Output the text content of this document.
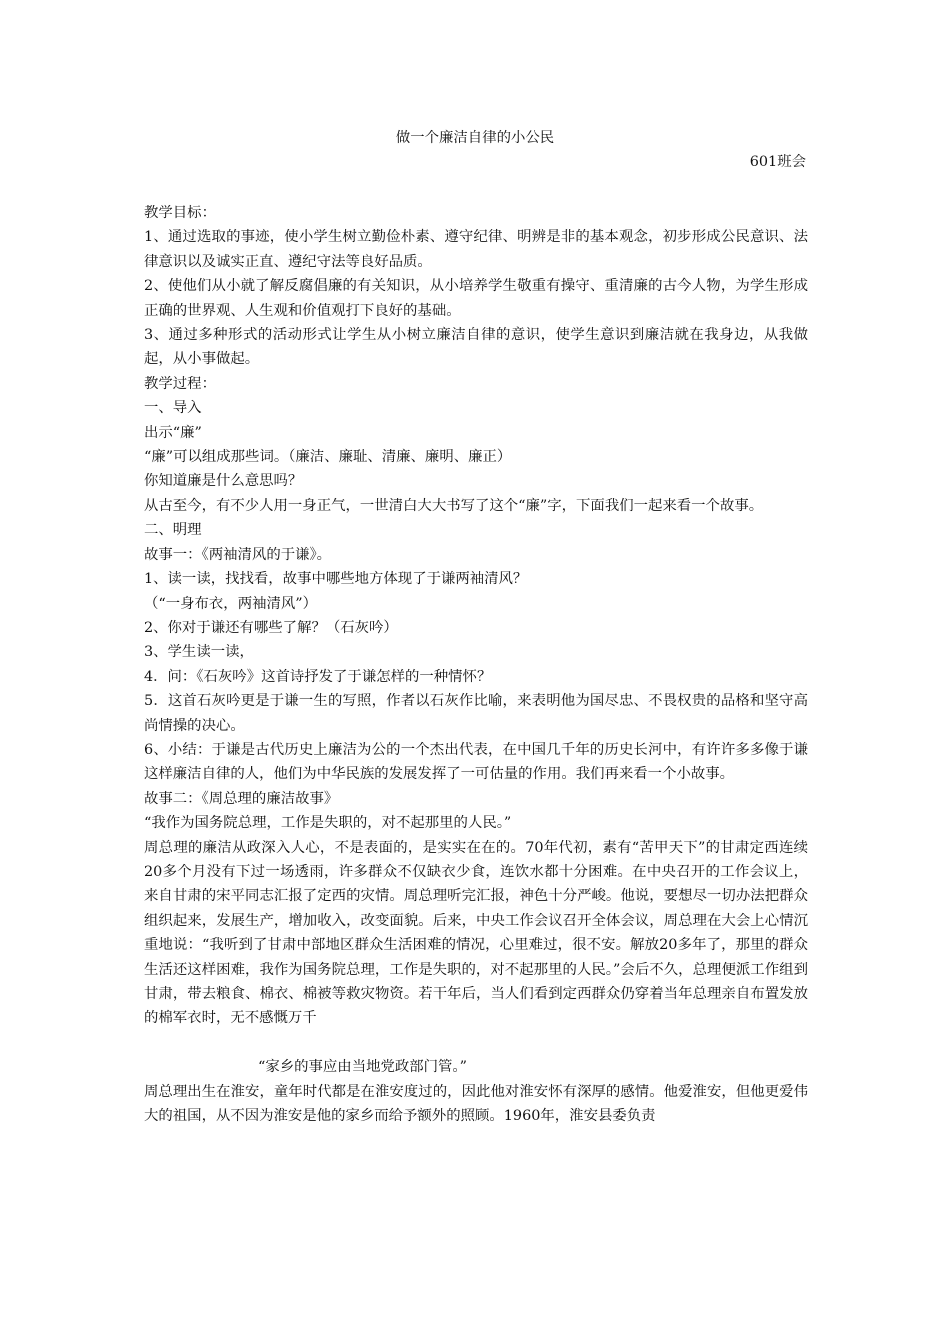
做一个廉洁自律的小公民
601班会

教学目标：

1、通过选取的事迹，使小学生树立勤俭朴素、遵守纪律、明辨是非的基本观念，初步形成公民意识、法律意识以及诚实正直、遵纪守法等良好品质。

2、使他们从小就了解反腐倡廉的有关知识，从小培养学生敬重有操守、重清廉的古今人物，为学生形成正确的世界观、人生观和价值观打下良好的基础。

3、通过多种形式的活动形式让学生从小树立廉洁自律的意识，使学生意识到廉洁就在我身边，从我做起，从小事做起。

教学过程：

一、导入

出示“廉”

“廉”可以组成那些词。（廉洁、廉耻、清廉、廉明、廉正）

你知道廉是什么意思吗？

从古至今，有不少人用一身正气，一世清白大大书写了这个“廉”字，下面我们一起来看一个故事。

二、明理

故事一：《两袖清风的于谦》。

1、读一读，找找看，故事中哪些地方体现了于谦两袖清风？

（“一身布衣，两袖清风”）

2、你对于谦还有哪些了解？（石灰吟）

3、学生读一读，

4．问：《石灰吟》这首诗抒发了于谦怎样的一种情怀？

5．这首石灰吟更是于谦一生的写照，作者以石灰作比喻，来表明他为国尽忠、不畏权贵的品格和坚守高尚情操的决心。

6、小结：于谦是古代历史上廉洁为公的一个杰出代表，在中国几千年的历史长河中，有许许多多像于谦这样廉洁自律的人，他们为中华民族的发展发挥了一可估量的作用。我们再来看一个小故事。

故事二：《周总理的廉洁故事》

“我作为国务院总理，工作是失职的，对不起那里的人民。”

周总理的廉洁从政深入人心，不是表面的，是实实在在的。70年代初，素有“苦甲天下”的甘肃定西连续20多个月没有下过一场透雨，许多群众不仅缺衣少食，连饮水都十分困难。在中央召开的工作会议上，来自甘肃的宋平同志汇报了定西的灾情。周总理听完汇报，神色十分严峻。他说，要想尽一切办法把群众组织起来，发展生产，增加收入，改变面貌。后来，中央工作会议召开全体会议，周总理在大会上心情沉重地说：“我听到了甘肃中部地区群众生活困难的情况，心里难过，很不安。解放20多年了，那里的群众生活还这样困难，我作为国务院总理，工作是失职的，对不起那里的人民。”会后不久，总理便派工作组到甘肃，带去粮食、棉衣、棉被等救灾物资。若干年后，当人们看到定西群众仍穿着当年总理亲自布置发放的棉军衣时，无不感慨万千

“家乡的事应由当地党政部门管。”

周总理出生在淮安，童年时代都是在淮安度过的，因此他对淮安怀有深厚的感情。他爱淮安，但他更爱伟大的祖国，从不因为淮安是他的家乡而给予额外的照顾。1960年，淮安县委负责
